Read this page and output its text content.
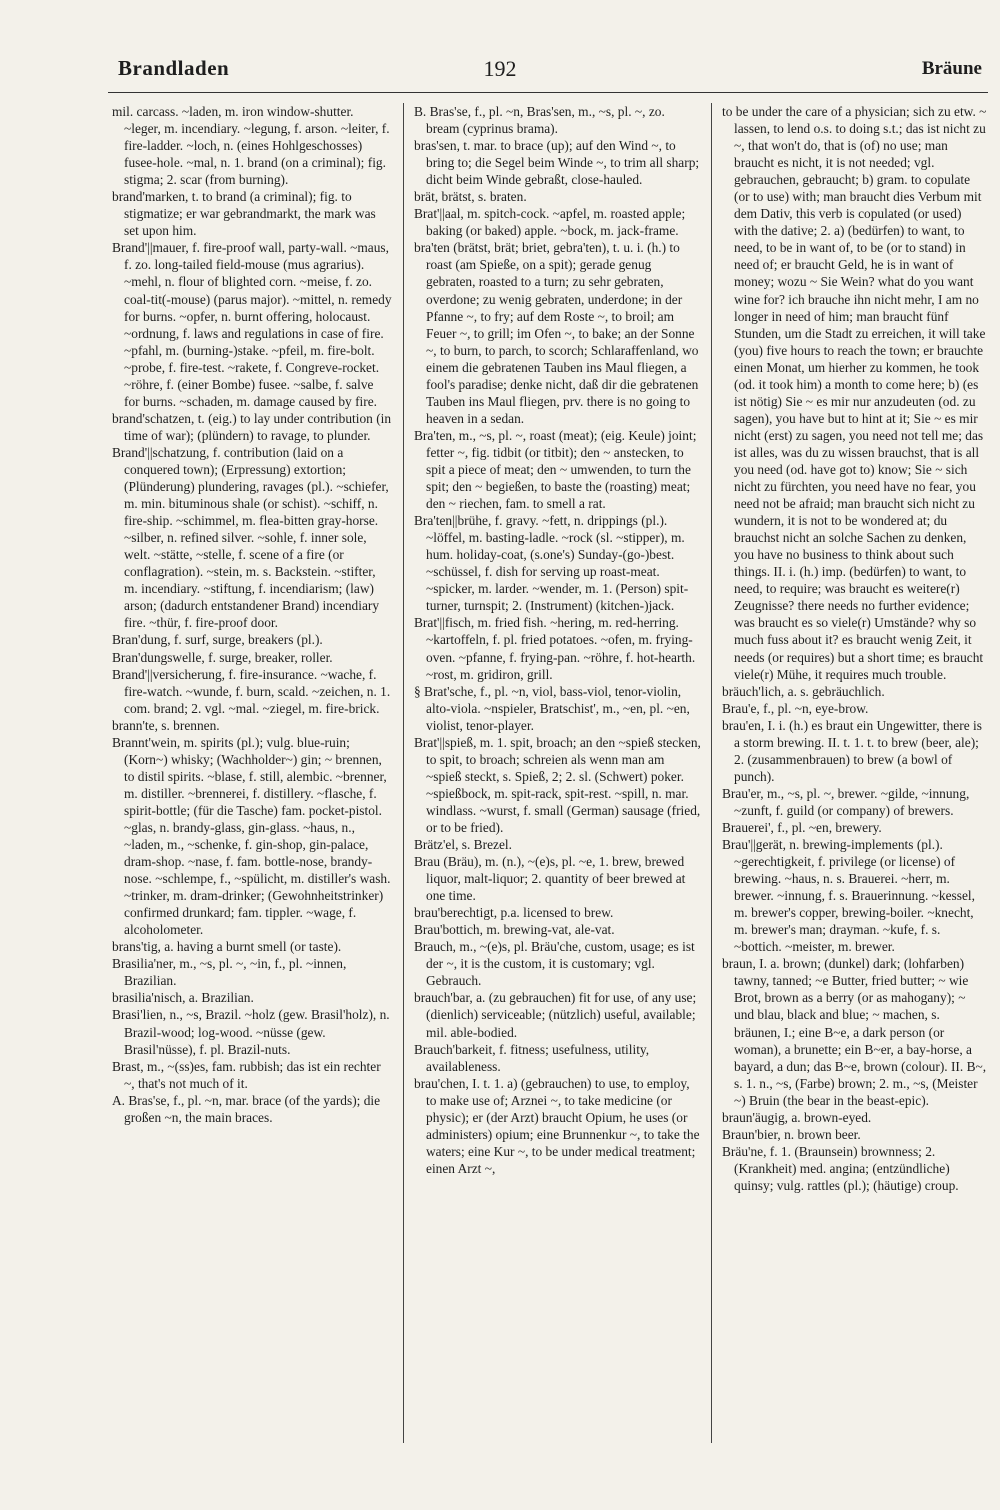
Brandladen	192	Bräune

mil. carcass. ~laden, m. iron window-shutter. ~leger, m. incendiary. ~legung, f. arson. ~leiter, f. fire-ladder. ~loch, n. (eines Hohlgeschosses) fusee-hole. ~mal, n. 1. brand (on a criminal); fig. stigma; 2. scar (from burning).

brand'marken, t. to brand (a criminal); fig. to stigmatize; er war gebrandmarkt, the mark was set upon him.

Brand'||mauer, f. fire-proof wall, party-wall. ~maus, f. zo. long-tailed field-mouse (mus agrarius). ~mehl, n. flour of blighted corn. ~meise, f. zo. coal-tit(-mouse) (parus major). ~mittel, n. remedy for burns. ~opfer, n. burnt offering, holocaust. ~ordnung, f. laws and regulations in case of fire. ~pfahl, m. (burning-)stake. ~pfeil, m. fire-bolt. ~probe, f. fire-test. ~rakete, f. Congreve-rocket. ~röhre, f. (einer Bombe) fusee. ~salbe, f. salve for burns. ~schaden, m. damage caused by fire.

brand'schatzen, t. (eig.) to lay under contribution (in time of war); (plündern) to ravage, to plunder.

Brand'||schatzung, f. contribution (laid on a conquered town); (Erpressung) extortion; (Plünderung) plundering, ravages (pl.). ~schiefer, m. min. bituminous shale (or schist). ~schiff, n. fire-ship. ~schimmel, m. flea-bitten gray-horse. ~silber, n. refined silver. ~sohle, f. inner sole, welt. ~stätte, ~stelle, f. scene of a fire (or conflagration). ~stein, m. s. Backstein. ~stifter, m. incendiary. ~stiftung, f. incendiarism; (law) arson; (dadurch entstandener Brand) incendiary fire. ~thür, f. fire-proof door.

Bran'dung, f. surf, surge, breakers (pl.).

Bran'dungswelle, f. surge, breaker, roller.

Brand'||versicherung, f. fire-insurance. ~wache, f. fire-watch. ~wunde, f. burn, scald. ~zeichen, n. 1. com. brand; 2. vgl. ~mal. ~ziegel, m. fire-brick.

brann'te, s. brennen.

Brannt'wein, m. spirits (pl.); vulg. blue-ruin; (Korn~) whisky; (Wachholder~) gin; ~ brennen, to distil spirits. ~blase, f. still, alembic. ~brenner, m. distiller. ~brennerei, f. distillery. ~flasche, f. spirit-bottle; (für die Tasche) fam. pocket-pistol. ~glas, n. brandy-glass, gin-glass. ~haus, n., ~laden, m., ~schenke, f. gin-shop, gin-palace, dram-shop. ~nase, f. fam. bottle-nose, brandy-nose. ~schlempe, f., ~spülicht, m. distiller's wash. ~trinker, m. dram-drinker; (Gewohnheitstrinker) confirmed drunkard; fam. tippler. ~wage, f. alcoholometer.

brans'tig, a. having a burnt smell (or taste).

Brasilia'ner, m., ~s, pl. ~, ~in, f., pl. ~innen, Brazilian.

brasilia'nisch, a. Brazilian.

Brasi'lien, n., ~s, Brazil. ~holz (gew. Brasil'holz), n. Brazil-wood; log-wood. ~nüsse (gew. Brasil'nüsse), f. pl. Brazil-nuts.

Brast, m., ~(ss)es, fam. rubbish; das ist ein rechter ~, that's not much of it.

A. Bras'se, f., pl. ~n, mar. brace (of the yards); die großen ~n, the main braces.

B. Bras'se, f., pl. ~n, Bras'sen, m., ~s, pl. ~, zo. bream (cyprinus brama).

bras'sen, t. mar. to brace (up); auf den Wind ~, to bring to; die Segel beim Winde ~, to trim all sharp; dicht beim Winde gebraßt, close-hauled.

brät, brätst, s. braten.

Brat'||aal, m. spitch-cock. ~apfel, m. roasted apple; baking (or baked) apple. ~bock, m. jack-frame.

bra'ten (brätst, brät; briet, gebra'ten), t. u. i. (h.) to roast (am Spieße, on a spit); gerade genug gebraten, roasted to a turn; zu sehr gebraten, overdone; zu wenig gebraten, underdone; in der Pfanne ~, to fry; auf dem Roste ~, to broil; am Feuer ~, to grill; im Ofen ~, to bake; an der Sonne ~, to burn, to parch, to scorch; Schlaraffenland, wo einem die gebratenen Tauben ins Maul fliegen, a fool's paradise; denke nicht, daß dir die gebratenen Tauben ins Maul fliegen, prv. there is no going to heaven in a sedan.

Bra'ten, m., ~s, pl. ~, roast (meat); (eig. Keule) joint; fetter ~, fig. tidbit (or titbit); den ~ anstecken, to spit a piece of meat; den ~ umwenden, to turn the spit; den ~ begießen, to baste the (roasting) meat; den ~ riechen, fam. to smell a rat.

Bra'ten||brühe, f. gravy. ~fett, n. drippings (pl.). ~löffel, m. basting-ladle. ~rock (sl. ~stipper), m. hum. holiday-coat, (s.one's) Sunday-(go-)best. ~schüssel, f. dish for serving up roast-meat. ~spicker, m. larder. ~wender, m. 1. (Person) spit-turner, turnspit; 2. (Instrument) (kitchen-)jack.

Brat'||fisch, m. fried fish. ~hering, m. red-herring. ~kartoffeln, f. pl. fried potatoes. ~ofen, m. frying-oven. ~pfanne, f. frying-pan. ~röhre, f. hot-hearth. ~rost, m. gridiron, grill.

§ Brat'sche, f., pl. ~n, viol, bass-viol, tenor-violin, alto-viola. ~nspieler, Bratschist', m., ~en, pl. ~en, violist, tenor-player.

Brat'||spieß, m. 1. spit, broach; an den ~spieß stecken, to spit, to broach; schreien als wenn man am ~spieß steckt, s. Spieß, 2; 2. sl. (Schwert) poker. ~spießbock, m. spit-rack, spit-rest. ~spill, n. mar. windlass. ~wurst, f. small (German) sausage (fried, or to be fried).

Brätz'el, s. Brezel.

Brau (Bräu), m. (n.), ~(e)s, pl. ~e, 1. brew, brewed liquor, malt-liquor; 2. quantity of beer brewed at one time.

brau'berechtigt, p.a. licensed to brew.

Brau'bottich, m. brewing-vat, ale-vat.

Brauch, m., ~(e)s, pl. Bräu'che, custom, usage; es ist der ~, it is the custom, it is customary; vgl. Gebrauch.

brauch'bar, a. (zu gebrauchen) fit for use, of any use; (dienlich) serviceable; (nützlich) useful, available; mil. able-bodied.

Brauch'barkeit, f. fitness; usefulness, utility, availableness.

brau'chen, I. t. 1. a) (gebrauchen) to use, to employ, to make use of; Arznei ~, to take medicine (or physic); er (der Arzt) braucht Opium, he uses (or administers) opium; eine Brunnenkur ~, to take the waters; eine Kur ~, to be under medical treatment; einen Arzt ~,

to be under the care of a physician; sich zu etw. ~ lassen, to lend o.s. to doing s.t.; das ist nicht zu ~, that won't do, that is (of) no use; man braucht es nicht, it is not needed; vgl. gebrauchen, gebraucht; b) gram. to copulate (or to use) with; man braucht dies Verbum mit dem Dativ, this verb is copulated (or used) with the dative; 2. a) (bedürfen) to want, to need, to be in want of, to be (or to stand) in need of; er braucht Geld, he is in want of money; wozu ~ Sie Wein? what do you want wine for? ich brauche ihn nicht mehr, I am no longer in need of him; man braucht fünf Stunden, um die Stadt zu erreichen, it will take (you) five hours to reach the town; er brauchte einen Monat, um hierher zu kommen, he took (od. it took him) a month to come here; b) (es ist nötig) Sie ~ es mir nur anzudeuten (od. zu sagen), you have but to hint at it; Sie ~ es mir nicht (erst) zu sagen, you need not tell me; das ist alles, was du zu wissen brauchst, that is all you need (od. have got to) know; Sie ~ sich nicht zu fürchten, you need have no fear, you need not be afraid; man braucht sich nicht zu wundern, it is not to be wondered at; du brauchst nicht an solche Sachen zu denken, you have no business to think about such things. II. i. (h.) imp. (bedürfen) to want, to need, to require; was braucht es weitere(r) Zeugnisse? there needs no further evidence; was braucht es so viele(r) Umstände? why so much fuss about it? es braucht wenig Zeit, it needs (or requires) but a short time; es braucht viele(r) Mühe, it requires much trouble.

bräuch'lich, a. s. gebräuchlich.

Brau'e, f., pl. ~n, eye-brow.

brau'en, I. i. (h.) es braut ein Ungewitter, there is a storm brewing. II. t. 1. t. to brew (beer, ale); 2. (zusammenbrauen) to brew (a bowl of punch).

Brau'er, m., ~s, pl. ~, brewer. ~gilde, ~innung, ~zunft, f. guild (or company) of brewers.

Brauerei', f., pl. ~en, brewery.

Brau'||gerät, n. brewing-implements (pl.). ~gerechtigkeit, f. privilege (or license) of brewing. ~haus, n. s. Brauerei. ~herr, m. brewer. ~innung, f. s. Brauerinnung. ~kessel, m. brewer's copper, brewing-boiler. ~knecht, m. brewer's man; drayman. ~kufe, f. s. ~bottich. ~meister, m. brewer.

braun, I. a. brown; (dunkel) dark; (lohfarben) tawny, tanned; ~e Butter, fried butter; ~ wie Brot, brown as a berry (or as mahogany); ~ und blau, black and blue; ~ machen, s. bräunen, I.; eine B~e, a dark person (or woman), a brunette; ein B~er, a bay-horse, a bayard, a dun; das B~e, brown (colour). II. B~, s. 1. n., ~s, (Farbe) brown; 2. m., ~s, (Meister ~) Bruin (the bear in the beast-epic).

braun'äugig, a. brown-eyed.

Braun'bier, n. brown beer.

Bräu'ne, f. 1. (Braunsein) brownness; 2. (Krankheit) med. angina; (entzündliche) quinsy; vulg. rattles (pl.); (häutige) croup.
